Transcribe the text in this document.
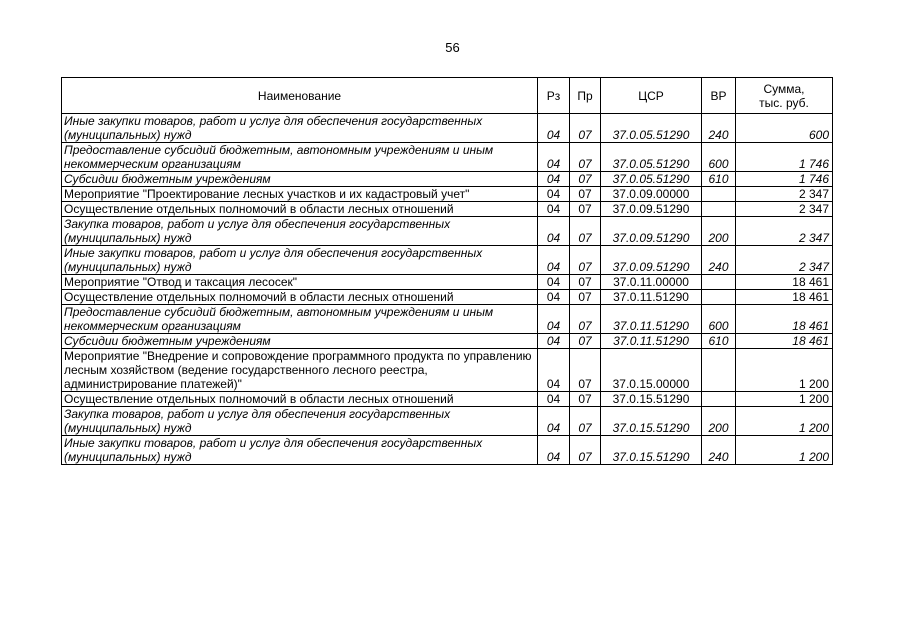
56
Наименование	Рз	Пр	ЦСР	ВР	Сумма, тыс. руб.
Иные закупки товаров, работ и услуг для обеспечения государственных (муниципальных) нужд	04	07	37.0.05.51290	240	600
Предоставление субсидий бюджетным, автономным учреждениям и иным некоммерческим организациям	04	07	37.0.05.51290	600	1 746
Субсидии бюджетным учреждениям	04	07	37.0.05.51290	610	1 746
Мероприятие "Проектирование лесных участков и их кадастровый учет"	04	07	37.0.09.00000		2 347
Осуществление отдельных полномочий в области лесных отношений	04	07	37.0.09.51290		2 347
Закупка товаров, работ и услуг для обеспечения государственных (муниципальных) нужд	04	07	37.0.09.51290	200	2 347
Иные закупки товаров, работ и услуг для обеспечения государственных (муниципальных) нужд	04	07	37.0.09.51290	240	2 347
Мероприятие "Отвод и таксация лесосек"	04	07	37.0.11.00000		18 461
Осуществление отдельных полномочий в области лесных отношений	04	07	37.0.11.51290		18 461
Предоставление субсидий бюджетным, автономным учреждениям и иным некоммерческим организациям	04	07	37.0.11.51290	600	18 461
Субсидии бюджетным учреждениям	04	07	37.0.11.51290	610	18 461
Мероприятие "Внедрение и сопровождение программного продукта по управлению лесным хозяйством (ведение государственного лесного реестра, администрирование платежей)"	04	07	37.0.15.00000		1 200
Осуществление отдельных полномочий в области лесных отношений	04	07	37.0.15.51290		1 200
Закупка товаров, работ и услуг для обеспечения государственных (муниципальных) нужд	04	07	37.0.15.51290	200	1 200
Иные закупки товаров, работ и услуг для обеспечения государственных (муниципальных) нужд	04	07	37.0.15.51290	240	1 200
